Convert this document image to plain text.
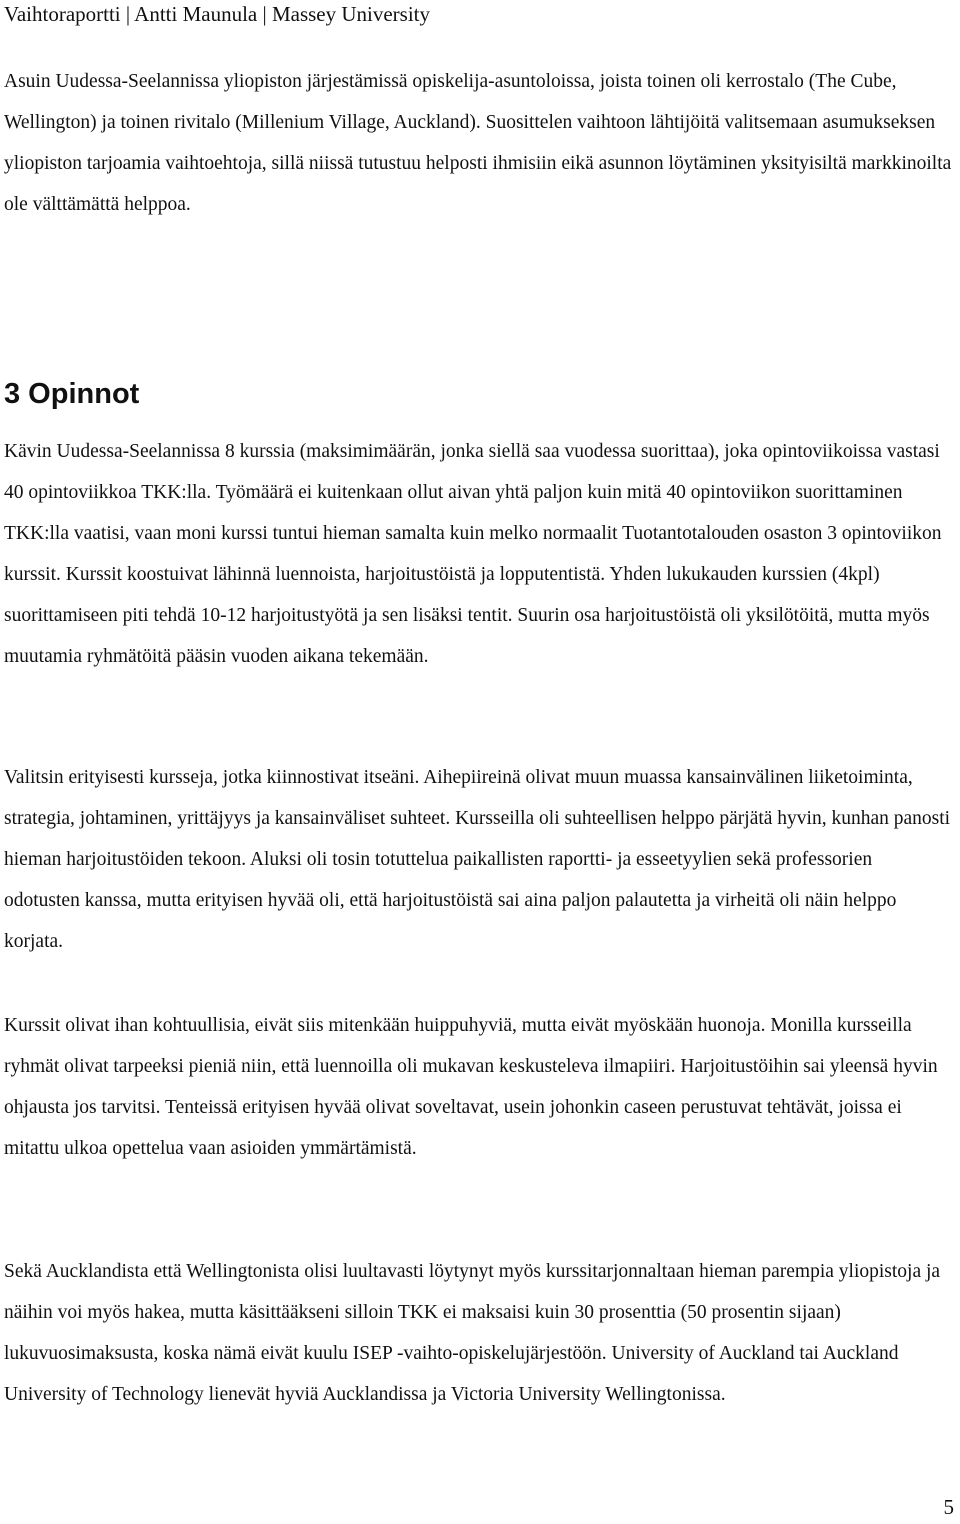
Vaihtoraportti | Antti Maunula | Massey University

Asuin Uudessa-Seelannissa yliopiston järjestämissä opiskelija-asuntoloissa, joista toinen oli kerrostalo (The Cube, Wellington) ja toinen rivitalo (Millenium Village, Auckland). Suosittelen vaihtoon lähtijöitä valitsemaan asumukseksen yliopiston tarjoamia vaihtoehtoja, sillä niissä tutustuu helposti ihmisiin eikä asunnon löytäminen yksityisiltä markkinoilta ole välttämättä helppoa.

3 Opinnot

Kävin Uudessa-Seelannissa 8 kurssia (maksimimäärän, jonka siellä saa vuodessa suorittaa), joka opintoviikoissa vastasi 40 opintoviikkoa TKK:lla. Työmäärä ei kuitenkaan ollut aivan yhtä paljon kuin mitä 40 opintoviikon suorittaminen TKK:lla vaatisi, vaan moni kurssi tuntui hieman samalta kuin melko normaalit Tuotantotalouden osaston 3 opintoviikon kurssit. Kurssit koostuivat lähinnä luennoista, harjoitustöistä ja lopputentistä. Yhden lukukauden kurssien (4kpl) suorittamiseen piti tehdä 10-12 harjoitustyötä ja sen lisäksi tentit. Suurin osa harjoitustöistä oli yksilötöitä, mutta myös muutamia ryhmätöitä pääsin vuoden aikana tekemään.

Valitsin erityisesti kursseja, jotka kiinnostivat itseäni. Aihepiireinä olivat muun muassa kansainvälinen liiketoiminta, strategia, johtaminen, yrittäjyys ja kansainväliset suhteet. Kursseilla oli suhteellisen helppo pärjätä hyvin, kunhan panosti hieman harjoitustöiden tekoon. Aluksi oli tosin totuttelua paikallisten raportti- ja esseetyylien sekä professorien odotusten kanssa, mutta erityisen hyvää oli, että harjoitustöistä sai aina paljon palautetta ja virheitä oli näin helppo korjata.

Kurssit olivat ihan kohtuullisia, eivät siis mitenkään huippuhyviä, mutta eivät myöskään huonoja. Monilla kursseilla ryhmät olivat tarpeeksi pieniä niin, että luennoilla oli mukavan keskusteleva ilmapiiri. Harjoitustöihin sai yleensä hyvin ohjausta jos tarvitsi. Tenteissä erityisen hyvää olivat soveltavat, usein johonkin caseen perustuvat tehtävät, joissa ei mitattu ulkoa opettelua vaan asioiden ymmärtämistä.

Sekä Aucklandista että Wellingtonista olisi luultavasti löytynyt myös kurssitarjonnaltaan hieman parempia yliopistoja ja näihin voi myös hakea, mutta käsittääkseni silloin TKK ei maksaisi kuin 30 prosenttia (50 prosentin sijaan) lukuvuosimaksusta, koska nämä eivät kuulu ISEP -vaihto-opiskelujärjestöön. University of Auckland tai Auckland University of Technology lienevät hyviä Aucklandissa ja Victoria University Wellingtonissa.

5
